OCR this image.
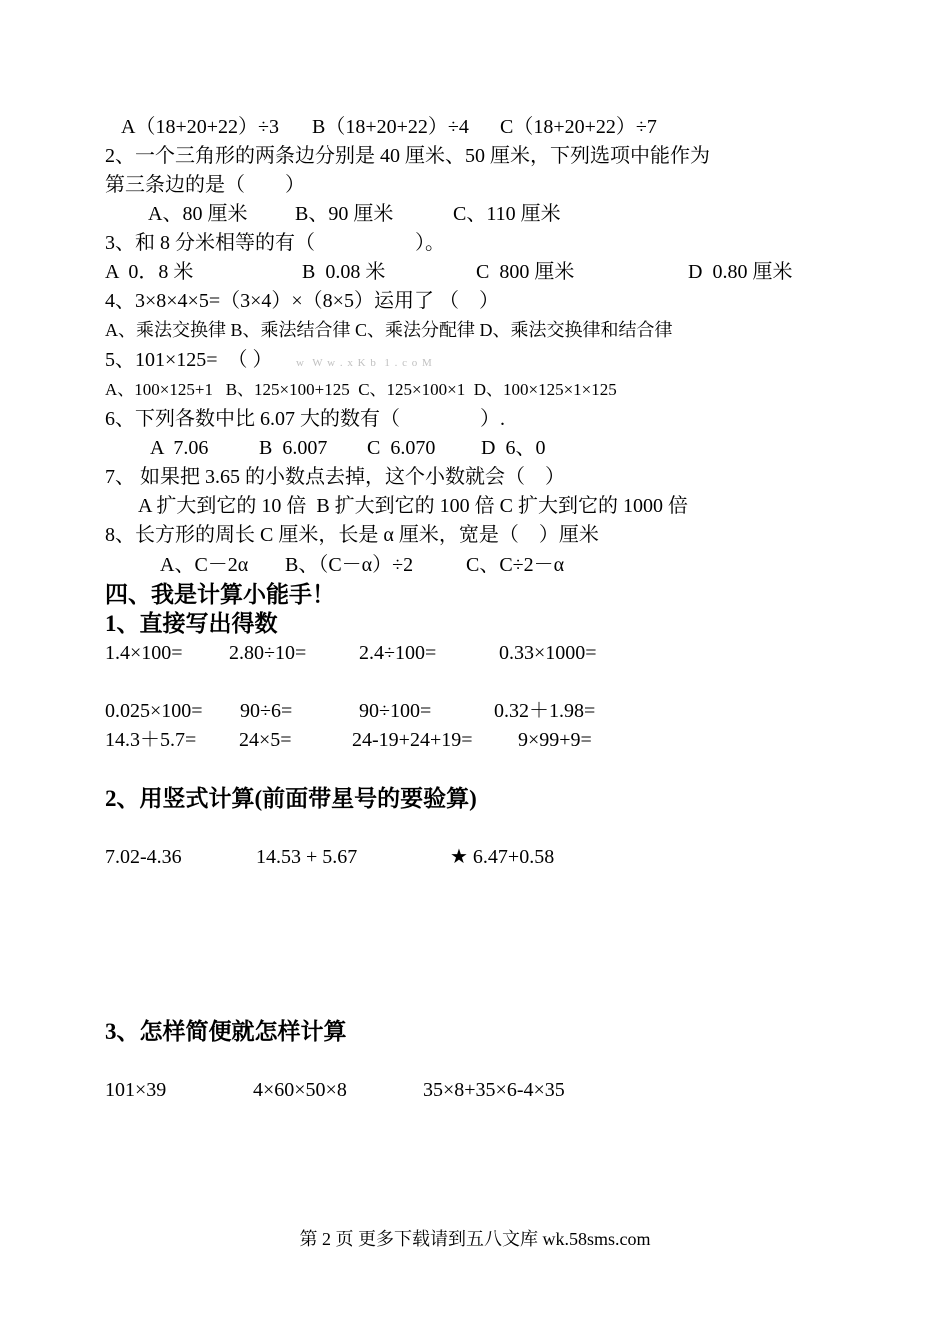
A（18+20+22）÷3 B（18+20+22）÷4 C（18+20+22）÷7
2、一个三角形的两条边分别是 40 厘米、50 厘米，下列选项中能作为
第三条边的是（　　）
A、80 厘米 B、90 厘米	C、110 厘米
3、和 8 分米相等的有（　　　　　）。
A  0．8 米	B  0.08 米	C  800 厘米	D  0.80 厘米
4、3×8×4×5=（3×4）×（8×5）运用了 （　）
A、乘法交换律 B、乘法结合律 C、乘法分配律 D、乘法交换律和结合律
5、101×125=　（ ） w  W w . x K b  1 . c o M
A、100×125+1   B、125×100+125  C、125×100×1  D、100×125×1×125
6、下列各数中比 6.07 大的数有（　　　　）.
A  7.06	B  6.007 C  6.070 D  6、0
7、 如果把 3.65 的小数点去掉，这个小数就会（　）
A 扩大到它的 10 倍  B 扩大到它的 100 倍 C 扩大到它的 1000 倍
8、长方形的周长 C 厘米，长是 α 厘米，宽是（　）厘米
A、C－2α B、（C－α）÷2	C、C÷2－α
四、我是计算小能手！
1、直接写出得数
1.4×100= 2.80÷10=	2.4÷100=	0.33×1000=
0.025×100= 90÷6=	90÷100=	0.32＋1.98=
14.3＋5.7= 24×5=	24-19+24+19= 9×99+9=
2、用竖式计算(前面带星号的要验算)
7.02-4.36	14.53 + 5.67	★ 6.47+0.58
3、怎样简便就怎样计算
101×39	4×60×50×8	35×8+35×6-4×35
第 2 页 更多下载请到五八文库 wk.58sms.com
